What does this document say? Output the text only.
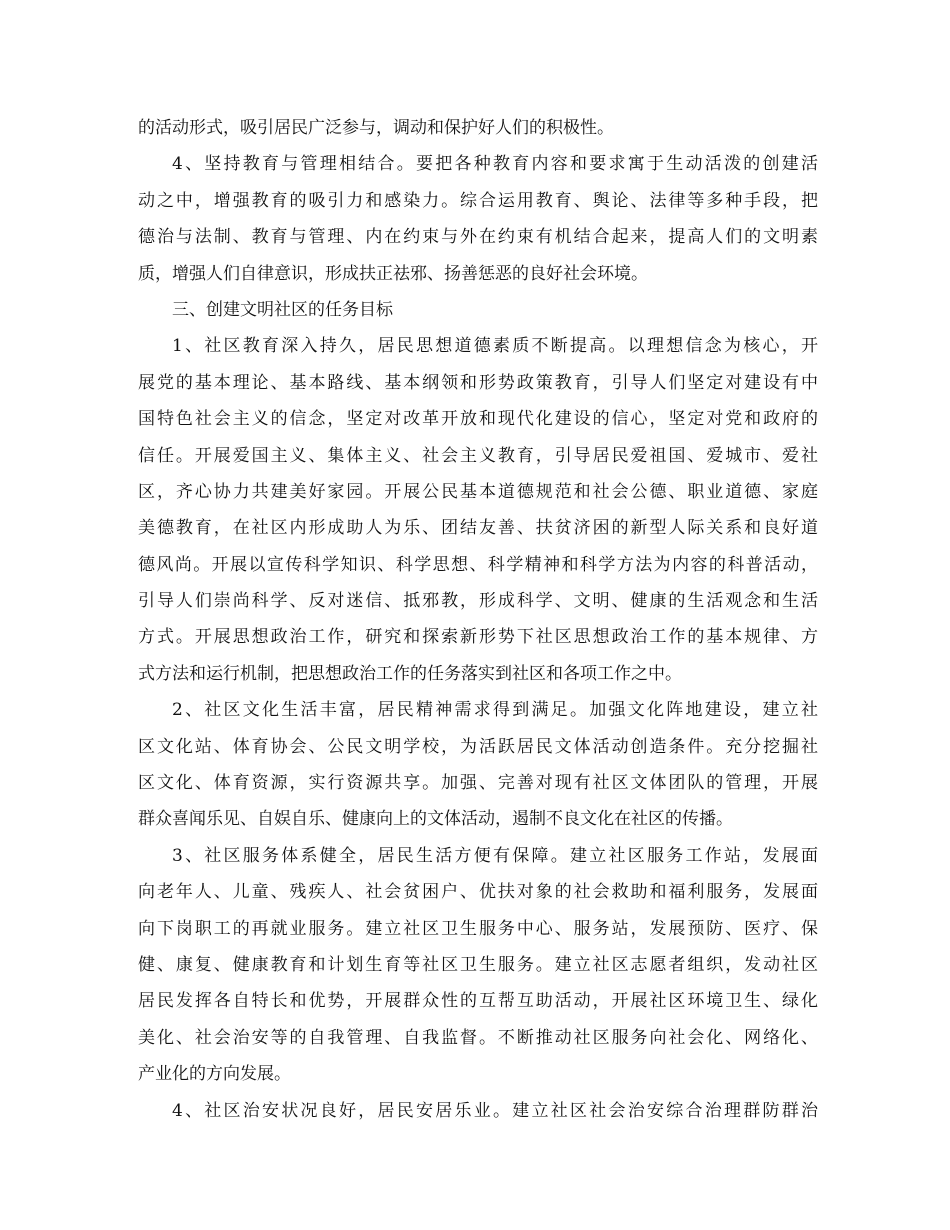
的活动形式，吸引居民广泛参与，调动和保护好人们的积极性。
4、坚持教育与管理相结合。要把各种教育内容和要求寓于生动活泼的创建活
动之中，增强教育的吸引力和感染力。综合运用教育、舆论、法律等多种手段，把
德治与法制、教育与管理、内在约束与外在约束有机结合起来，提高人们的文明素
质，增强人们自律意识，形成扶正祛邪、扬善惩恶的良好社会环境。
三、创建文明社区的任务目标
1、社区教育深入持久，居民思想道德素质不断提高。以理想信念为核心，开
展党的基本理论、基本路线、基本纲领和形势政策教育，引导人们坚定对建设有中
国特色社会主义的信念，坚定对改革开放和现代化建设的信心，坚定对党和政府的
信任。开展爱国主义、集体主义、社会主义教育，引导居民爱祖国、爱城市、爱社
区，齐心协力共建美好家园。开展公民基本道德规范和社会公德、职业道德、家庭
美德教育，在社区内形成助人为乐、团结友善、扶贫济困的新型人际关系和良好道
德风尚。开展以宣传科学知识、科学思想、科学精神和科学方法为内容的科普活动，
引导人们崇尚科学、反对迷信、抵邪教，形成科学、文明、健康的生活观念和生活
方式。开展思想政治工作，研究和探索新形势下社区思想政治工作的基本规律、方
式方法和运行机制，把思想政治工作的任务落实到社区和各项工作之中。
2、社区文化生活丰富，居民精神需求得到满足。加强文化阵地建设，建立社
区文化站、体育协会、公民文明学校，为活跃居民文体活动创造条件。充分挖掘社
区文化、体育资源，实行资源共享。加强、完善对现有社区文体团队的管理，开展
群众喜闻乐见、自娱自乐、健康向上的文体活动，遏制不良文化在社区的传播。
3、社区服务体系健全，居民生活方便有保障。建立社区服务工作站，发展面
向老年人、儿童、残疾人、社会贫困户、优扶对象的社会救助和福利服务，发展面
向下岗职工的再就业服务。建立社区卫生服务中心、服务站，发展预防、医疗、保
健、康复、健康教育和计划生育等社区卫生服务。建立社区志愿者组织，发动社区
居民发挥各自特长和优势，开展群众性的互帮互助活动，开展社区环境卫生、绿化
美化、社会治安等的自我管理、自我监督。不断推动社区服务向社会化、网络化、
产业化的方向发展。
4、社区治安状况良好，居民安居乐业。建立社区社会治安综合治理群防群治
